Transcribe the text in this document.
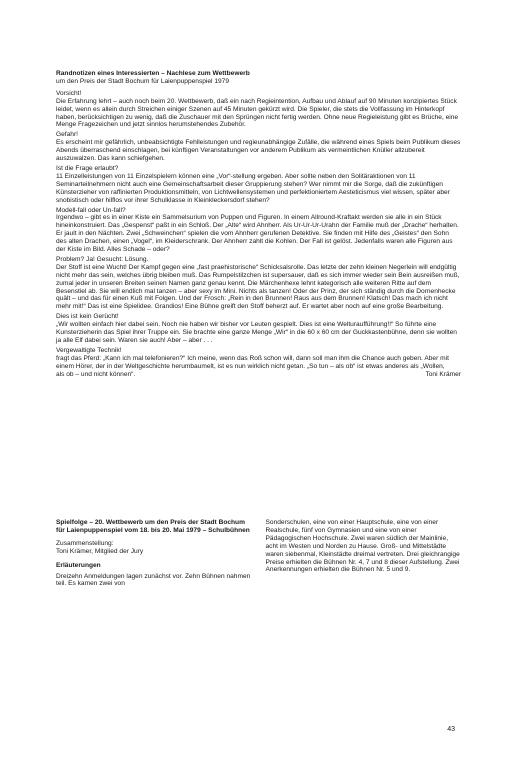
Randnotizen eines Interessierten – Nachlese zum Wettbewerb

um den Preis der Stadt Bochum für Laienpuppenspiel 1979

Vorsicht!

Die Erfahrung lehrt – auch noch beim 20. Wettbewerb, daß ein nach Regieintention, Aufbau und Ablauf auf 90 Minuten konzipiertes Stück leidet, wenn es allein durch Streichen einiger Szenen auf 45 Minuten gekürzt wird. Die Spieler, die stets die Vollfassung im Hinterkopf haben, berücksichtigen zu wenig, daß die Zuschauer mit den Sprüngen nicht fertig werden. Ohne neue Regieleistung gibt es Brüche, eine Menge Fragezeichen und jetzt sinnlos herumstehendes Zubehör.

Gefahr!

Es erscheint mir gefährlich, unbeabsichtigte Fehlleistungen und regieunabhängige Zufälle, die während eines Spiels beim Publikum dieses Abends überraschend einschlagen, bei künftigen Veranstaltungen vor anderem Publikum als vermeintlichen Knüller allzubereit auszuwalzen. Das kann schiefgehen.

Ist die Frage erlaubt?

11 Einzelleistungen von 11 Einzelspielern können eine „Vor“-stellung ergeben. Aber sollte neben den Solitäraktionen von 11 Seminarteilnehmern nicht auch eine Gemeinschaftsarbeit dieser Gruppierung stehen? Wer nimmt mir die Sorge, daß die zukünftigen Künsterzieher von raffinierten Produktionsmitteln, von Lichtwellensystemen und perfektioniertem Aesteticismus viel wissen, später aber snobistisch oder hilflos vor ihrer Schulklasse in Kleinkleckersdorf stehen?

Modell-fall oder Un-fall?

Irgendwo – gibt es in einer Kiste ein Sammelsurium von Puppen und Figuren. In einem Allround-Kraftakt werden sie alle in ein Stück hineinkonstruiert. Das „Gespenst“ paßt in ein Schloß. Der „Alte“ wird Ahnherr. Als Ur-Ur-Ur-Urahn der Familie muß der „Drache“ herhalten. Er jault in den Nächten. Zwei „Schweinchen“ spielen die vom Ahnherr gerufenen Detektive. Sie finden mit Hilfe des „Geistes“ den Sohn des alten Drachen, einen „Vogel“, im Kleiderschrank. Der Ahnherr zahlt die Kohlen. Der Fall ist gelöst. Jedenfalls waren alle Figuren aus der Kiste im Bild. Alles Schade – oder?

Problem? Ja! Gesucht: Lösung.

Der Stoff ist eine Wucht! Der Kampf gegen eine „fast praehistorische“ Schicksalsrolle. Das letzte der zehn kleinen Negerlein will endgültig nicht mehr das sein, welches übrig bleiben muß. Das Rumpelstilzchen ist supersauer, daß es sich immer wieder sein Bein ausreißen muß, zumal jeder in unseren Breiten seinen Namen ganz genau kennt. Die Märchenhexe lehnt kategorisch alle weiteren Ritte auf dem Besenstiel ab. Sie will endlich mal tanzen – aber sexy im Mini. Nichts als tanzen! Oder der Prinz, der sich ständig durch die Dornenhecke quält – und das für einen Kuß mit Folgen. Und der Frosch: „Rein in den Brunnen! Raus aus dem Brunnen! Klatsch! Das mach ich nicht mehr mit!“ Das ist eine Spielidee. Grandios! Eine Bühne greift den Stoff beherzt auf. Er wartet aber noch auf eine große Bearbeitung.

Dies ist kein Gerücht!

„Wir wollten einfach hier dabei sein. Noch nie haben wir bisher vor Leuten gespielt. Dies ist eine Welturaufführung!!“ So führte eine Kunsterzieherin das Spiel ihrer Truppe ein. Sie brachte eine ganze Menge „Wir“ in die 60 x 60 cm der Guckkastenbühne, denn sie wollten ja alle Elf dabei sein. Waren sie auch! Aber – aber . . .

Vergewaltigte Technik!

fragt das Pferd: „Kann ich mal telefonieren?“ Ich meine, wenn das Roß schon will, dann soll man ihm die Chance auch geben. Aber mit einem Hörer, der in der Weltgeschichte herumbaumelt, ist es nun wirklich nicht getan. „So tun – als ob“ ist etwas anderes als „Wollen,

als ob – und nicht können“.	Toni Krämer

Spielfolge – 20. Wettbewerb um den Preis der Stadt Bochum für Laienpuppenspiel vom 18. bis 20. Mai 1979 – Schulbühnen

Zusammenstellung:

Toni Krämer, Mitglied der Jury

Erläuterungen

Dreizehn Anmeldungen lagen zunächst vor. Zehn Bühnen nahmen teil. Es kamen zwei von

Sonderschulen, eine von einer Hauptschule, eine von einer Realschule, fünf von Gymnasien und eine von einer Pädagogischen Hochschule. Zwei waren südlich der Mainlinie, acht im Westen und Norden zu Hause. Groß- und Mittelstädte waren siebenmal, Kleinstädte dreimal vertreten. Drei gleichrangige Preise erhielten die Bühnen Nr. 4, 7 und 8 dieser Aufstellung. Zwei Anerkennungen erhielten die Bühnen Nr. 5 und 9.

43
